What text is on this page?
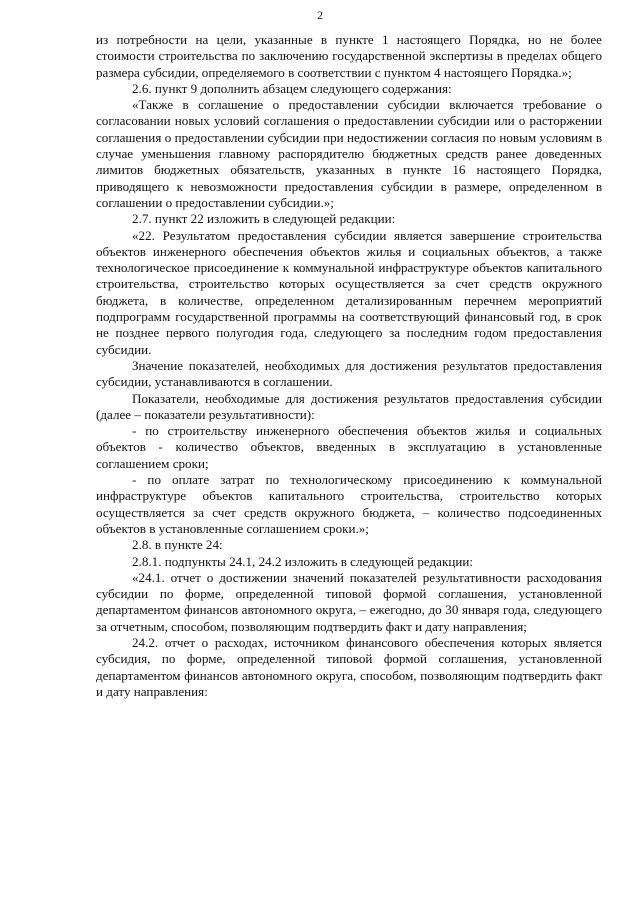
2

из потребности на цели, указанные в пункте 1 настоящего Порядка, но не более стоимости строительства по заключению государственной экспертизы в пределах общего размера субсидии, определяемого в соответствии с пунктом 4 настоящего Порядка.»;

2.6. пункт 9 дополнить абзацем следующего содержания:

«Также в соглашение о предоставлении субсидии включается требование о согласовании новых условий соглашения о предоставлении субсидии или о расторжении соглашения о предоставлении субсидии при недостижении согласия по новым условиям в случае уменьшения главному распорядителю бюджетных средств ранее доведенных лимитов бюджетных обязательств, указанных в пункте 16 настоящего Порядка, приводящего к невозможности предоставления субсидии в размере, определенном в соглашении о предоставлении субсидии.»;

2.7. пункт 22 изложить в следующей редакции:

«22. Результатом предоставления субсидии является завершение строительства объектов инженерного обеспечения объектов жилья и социальных объектов, а также технологическое присоединение к коммунальной инфраструктуре объектов капитального строительства, строительство которых осуществляется за счет средств окружного бюджета, в количестве, определенном детализированным перечнем мероприятий подпрограмм государственной программы на соответствующий финансовый год, в срок не позднее первого полугодия года, следующего за последним годом предоставления субсидии.

Значение показателей, необходимых для достижения результатов предоставления субсидии, устанавливаются в соглашении.

Показатели, необходимые для достижения результатов предоставления субсидии (далее – показатели результативности):

- по строительству инженерного обеспечения объектов жилья и социальных объектов - количество объектов, введенных в эксплуатацию в установленные соглашением сроки;

- по оплате затрат по технологическому присоединению к коммунальной инфраструктуре объектов капитального строительства, строительство которых осуществляется за счет средств окружного бюджета, – количество подсоединенных объектов в установленные соглашением сроки.»;

2.8. в пункте 24:

2.8.1. подпункты 24.1, 24.2 изложить в следующей редакции:

«24.1. отчет о достижении значений показателей результативности расходования субсидии по форме, определенной типовой формой соглашения, установленной департаментом финансов автономного округа, – ежегодно, до 30 января года, следующего за отчетным, способом, позволяющим подтвердить факт и дату направления;

24.2. отчет о расходах, источником финансового обеспечения которых является субсидия, по форме, определенной типовой формой соглашения, установленной департаментом финансов автономного округа, способом, позволяющим подтвердить факт и дату направления:
